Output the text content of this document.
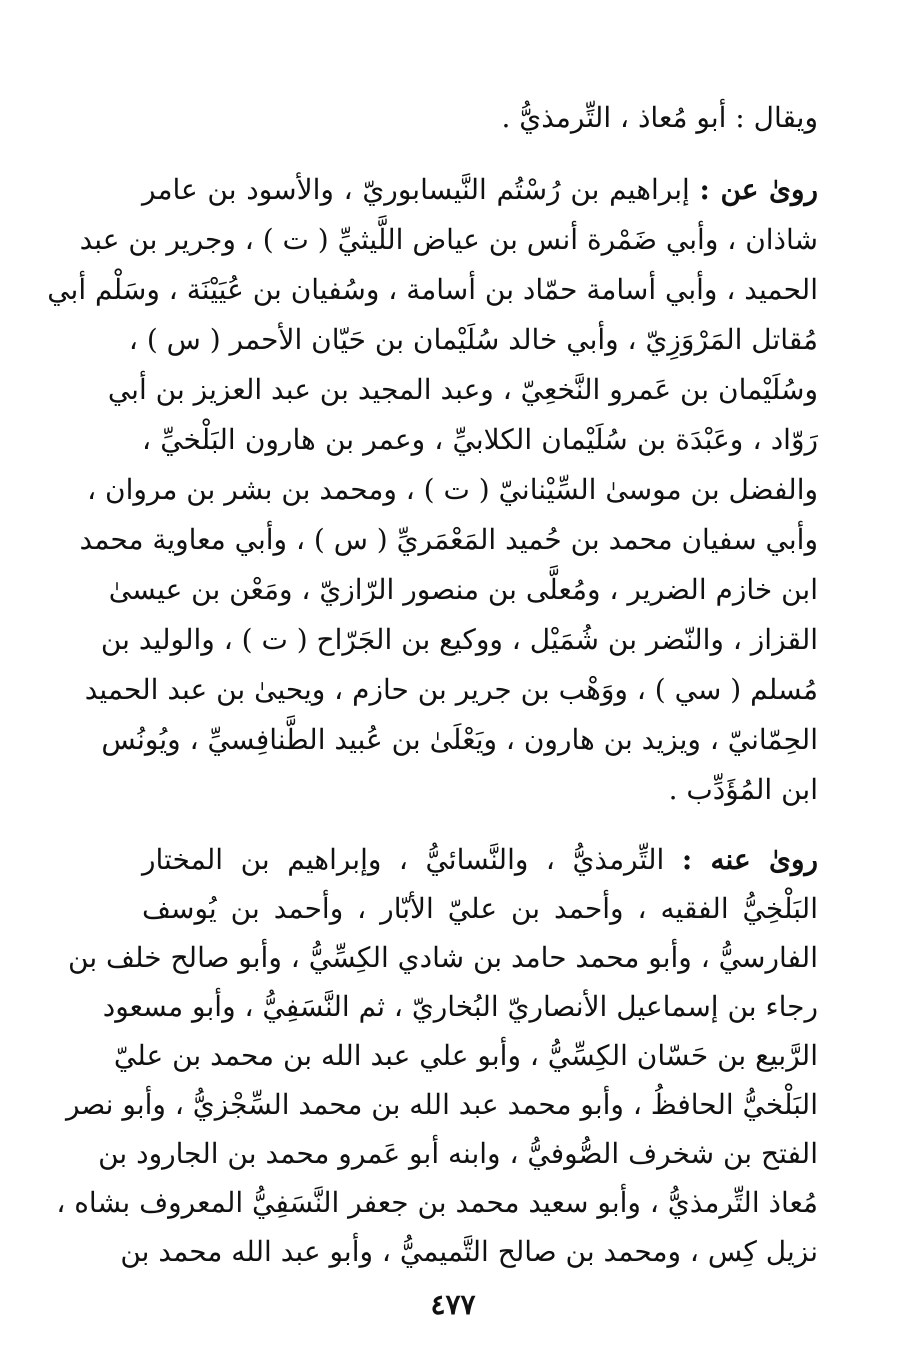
ويقال : أبو مُعاذ ، التِّرمذيُّ .
روىٰ عن : إبراهيم بن رُسْتُم النَّيسابوريّ ، والأسود بن عامر
شاذان ، وأبي ضَمْرة أنس بن عياض اللَّيثيِّ ( ت ) ، وجرير بن عبد
الحميد ، وأبي أسامة حمّاد بن أسامة ، وسُفيان بن عُيَيْنَة ، وسَلْم أبي
مُقاتل المَرْوَزِيّ ، وأبي خالد سُلَيْمان بن حَيّان الأحمر ( س ) ،
وسُلَيْمان بن عَمرو النَّخعِيّ ، وعبد المجيد بن عبد العزيز بن أبي
رَوّاد ، وعَبْدَة بن سُلَيْمان الكلابيِّ ، وعمر بن هارون البَلْخيِّ ،
والفضل بن موسىٰ السِّيْنانيّ ( ت ) ، ومحمد بن بشر بن مروان ،
وأبي سفيان محمد بن حُميد المَعْمَريِّ ( س ) ، وأبي معاوية محمد
ابن خازم الضرير ، ومُعلَّى بن منصور الرّازيّ ، ومَعْن بن عيسىٰ
القزاز ، والنّضر بن شُمَيْل ، ووكيع بن الجَرّاح ( ت ) ، والوليد بن
مُسلم ( سي ) ، ووَهْب بن جرير بن حازم ، ويحيىٰ بن عبد الحميد
الحِمّانيّ ، ويزيد بن هارون ، ويَعْلَىٰ بن عُبيد الطَّنافِسيِّ ، ويُونُس
ابن المُؤَدِّب .
روىٰ عنه : التِّرمذيُّ ، والنَّسائيُّ ، وإبراهيم بن المختار
البَلْخِيُّ الفقيه ، وأحمد بن عليّ الأبّار ، وأحمد بن يُوسف
الفارسيُّ ، وأبو محمد حامد بن شادي الكِسِّيُّ ، وأبو صالح خلف بن
رجاء بن إسماعيل الأنصاريّ البُخاريّ ، ثم النَّسَفِيُّ ، وأبو مسعود
الرَّبيع بن حَسّان الكِسِّيُّ ، وأبو علي عبد الله بن محمد بن عليّ
البَلْخيُّ الحافظُ ، وأبو محمد عبد الله بن محمد السِّجْزيُّ ، وأبو نصر
الفتح بن شخرف الصُّوفيُّ ، وابنه أبو عَمرو محمد بن الجارود بن
مُعاذ التِّرمذيُّ ، وأبو سعيد محمد بن جعفر النَّسَفِيُّ المعروف بشاه ،
نزيل كِس ، ومحمد بن صالح التَّميميُّ ، وأبو عبد الله محمد بن
٤٧٧
